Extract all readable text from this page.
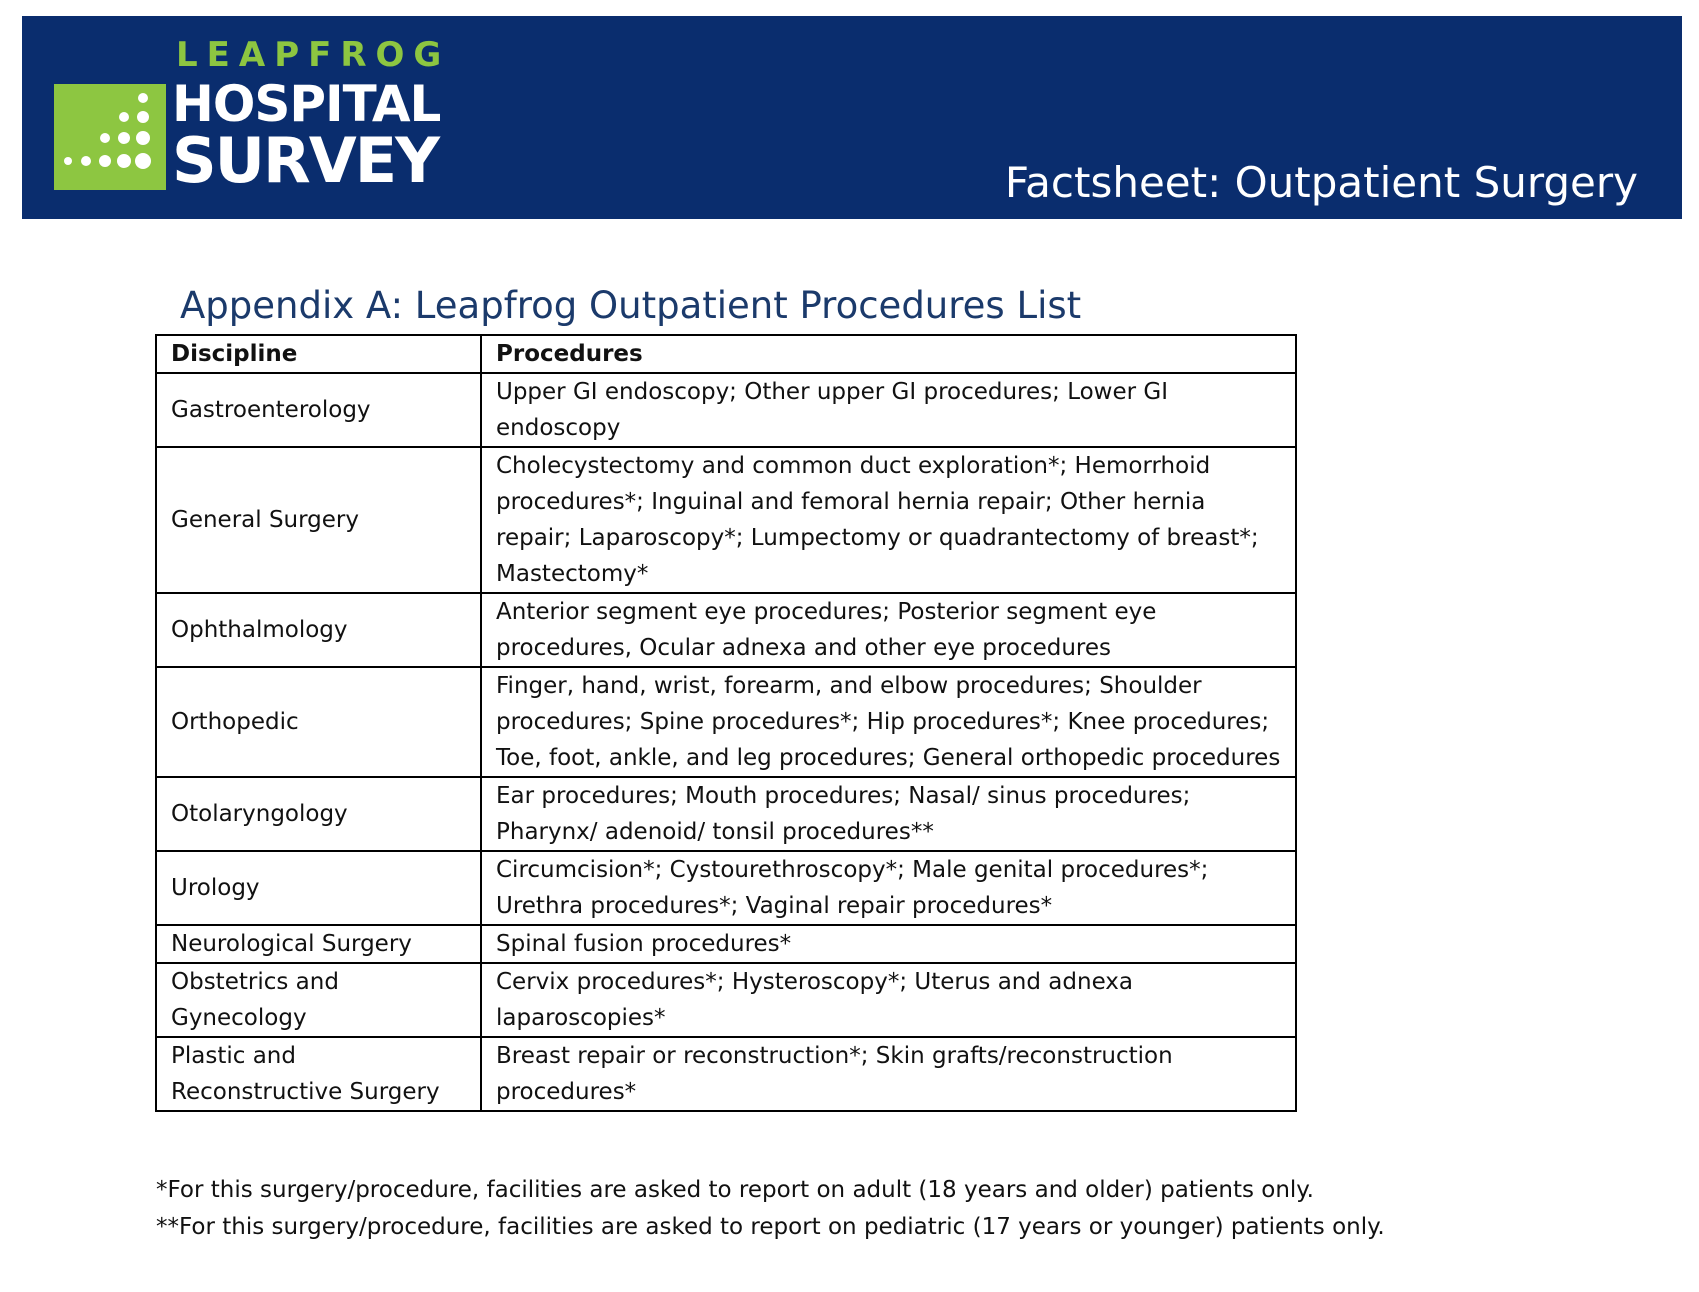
LEAPFROG
HOSPITAL
SURVEY	Factsheet: Outpatient Surgery
Appendix A: Leapfrog Outpatient Procedures List
Discipline	Procedures
Gastroenterology	Upper GI endoscopy; Other upper GI procedures; Lower GI endoscopy
General Surgery	Cholecystectomy and common duct exploration*; Hemorrhoid procedures*; Inguinal and femoral hernia repair; Other hernia repair; Laparoscopy*; Lumpectomy or quadrantectomy of breast*; Mastectomy*
Ophthalmology	Anterior segment eye procedures; Posterior segment eye procedures, Ocular adnexa and other eye procedures
Orthopedic	Finger, hand, wrist, forearm, and elbow procedures; Shoulder procedures; Spine procedures*; Hip procedures*; Knee procedures; Toe, foot, ankle, and leg procedures; General orthopedic procedures
Otolaryngology	Ear procedures; Mouth procedures; Nasal/ sinus procedures; Pharynx/ adenoid/ tonsil procedures**
Urology	Circumcision*; Cystourethroscopy*; Male genital procedures*; Urethra procedures*; Vaginal repair procedures*
Neurological Surgery	Spinal fusion procedures*
Obstetrics and Gynecology	Cervix procedures*; Hysteroscopy*; Uterus and adnexa laparoscopies*
Plastic and Reconstructive Surgery	Breast repair or reconstruction*; Skin grafts/reconstruction procedures*
*For this surgery/procedure, facilities are asked to report on adult (18 years and older) patients only.
**For this surgery/procedure, facilities are asked to report on pediatric (17 years or younger) patients only.
